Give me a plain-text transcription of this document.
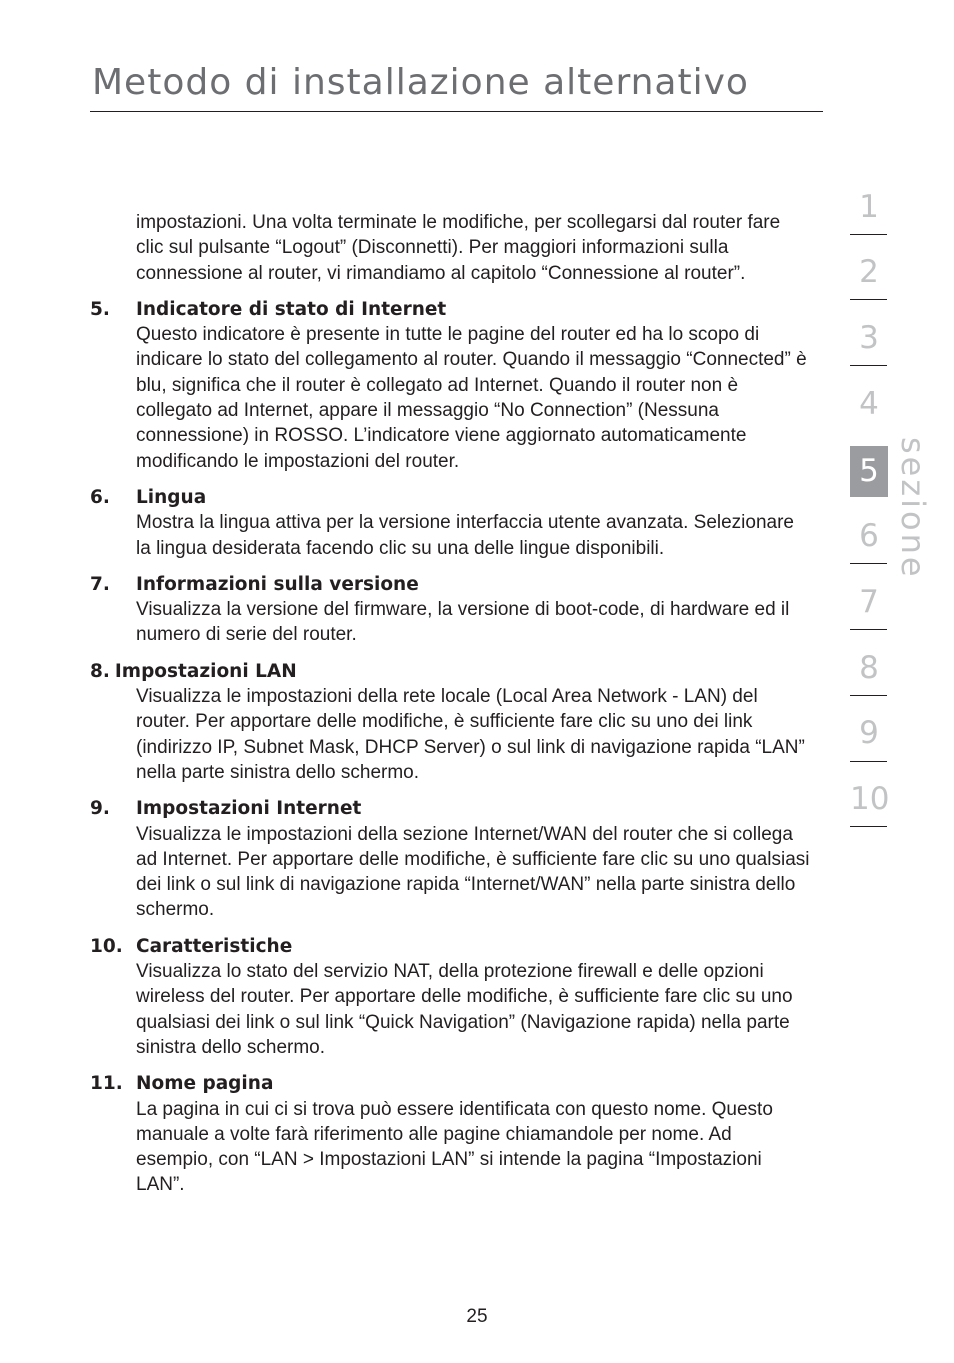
Metodo di installazione alternativo

impostazioni. Una volta terminate le modifiche, per scollegarsi dal router fare clic sul pulsante “Logout” (Disconnetti). Per maggiori informazioni sulla connessione al router, vi rimandiamo al capitolo “Connessione al router”.

5.	Indicatore di stato di Internet
Questo indicatore è presente in tutte le pagine del router ed ha lo scopo di indicare lo stato del collegamento al router. Quando il messaggio “Connected” è blu, significa che il router è collegato ad Internet. Quando il router non è collegato ad Internet, appare il messaggio “No Connection” (Nessuna connessione) in ROSSO. L’indicatore viene aggiornato automaticamente modificando le impostazioni del router.
6.	Lingua
Mostra la lingua attiva per la versione interfaccia utente avanzata. Selezionare la lingua desiderata facendo clic su una delle lingue disponibili.
7.	Informazioni sulla versione
Visualizza la versione del firmware, la versione di boot-code, di hardware ed il numero di serie del router.
8. Impostazioni LAN
Visualizza le impostazioni della rete locale (Local Area Network - LAN) del router. Per apportare delle modifiche, è sufficiente fare clic su uno dei link (indirizzo IP, Subnet Mask, DHCP Server) o sul link di navigazione rapida “LAN” nella parte sinistra dello schermo.
9.	Impostazioni Internet
Visualizza le impostazioni della sezione Internet/WAN del router che si collega ad Internet. Per apportare delle modifiche, è sufficiente fare clic su uno qualsiasi dei link o sul link di navigazione rapida “Internet/WAN” nella parte sinistra dello schermo.
10. Caratteristiche
Visualizza lo stato del servizio NAT, della protezione firewall e delle opzioni wireless del router. Per apportare delle modifiche, è sufficiente fare clic su uno qualsiasi dei link o sul link “Quick Navigation” (Navigazione rapida) nella parte sinistra dello schermo.
11. Nome pagina
La pagina in cui ci si trova può essere identificata con questo nome. Questo manuale a volte farà riferimento alle pagine chiamandole per nome. Ad esempio, con “LAN > Impostazioni LAN” si intende la pagina “Impostazioni LAN”.
25
1
2
3
4
5
6
7
8
9
10
sezione
